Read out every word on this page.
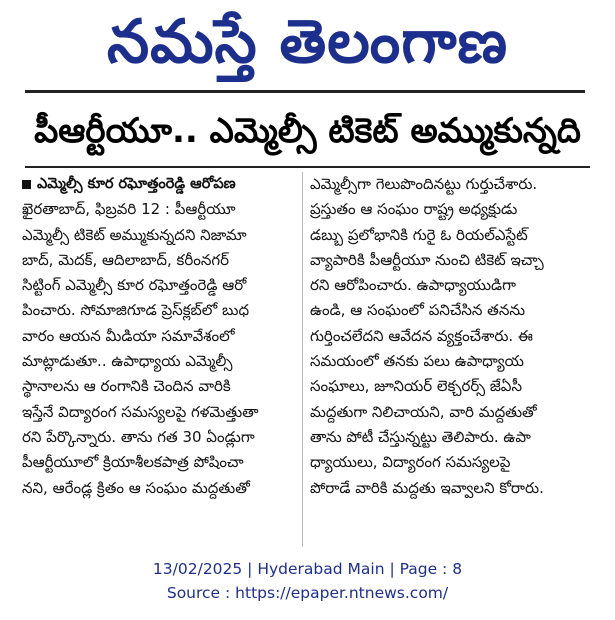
నమస్తే తెలంగాణ
పీఆర్టీయూ.. ఎమ్మెల్సీ టికెట్ అమ్ముకున్నది
ఎమ్మెల్సీ కూర రఘోత్తంరెడ్డి ఆరోపణ
ఖైరతాబాద్, ఫిబ్రవరి 12 : పీఆర్టీయూ
ఎమ్మెల్సీ టికెట్ అమ్ముకున్నదని నిజామా
బాద్, మెదక్, ఆదిలాబాద్, కరీంనగర్
సిట్టింగ్ ఎమ్మెల్సీ కూర రఘోత్తంరెడ్డి ఆరో
పించారు. సోమాజిగూడ ప్రెస్‌క్లబ్‌లో బుధ
వారం ఆయన మీడియా సమావేశంలో
మాట్లాడుతూ.. ఉపాధ్యాయ ఎమ్మెల్సీ
స్థానాలను ఆ రంగానికి చెందిన వారికి
ఇస్తేనే విద్యారంగ సమస్యలపై గళమెత్తుతా
రని పేర్కొన్నారు. తాను గత 30 ఏండ్లుగా
పీఆర్టీయూలో క్రియాశీలకపాత్ర పోషించా
నని, ఆరేండ్ల క్రితం ఆ సంఘం మద్దతుతో
ఎమ్మెల్సీగా గెలుపొందినట్టు గుర్తుచేశారు.
ప్రస్తుతం ఆ సంఘం రాష్ట్ర అధ్యక్షుడు
డబ్బు ప్రలోభానికి గురై ఓ రియల్‌ఎస్టేట్
వ్యాపారికి పీఆర్టీయూ నుంచి టికెట్ ఇచ్చా
రని ఆరోపించారు. ఉపాధ్యాయుడిగా
ఉండి, ఆ సంఘంలో పనిచేసిన తనను
గుర్తించలేదని ఆవేదన వ్యక్తంచేశారు. ఈ
సమయంలో తనకు పలు ఉపాధ్యాయ
సంఘాలు, జూనియర్ లెక్చరర్స్ జేఏసీ
మద్దతుగా నిలిచాయని, వారి మద్దతుతో
తాను పోటీ చేస్తున్నట్టు తెలిపారు. ఉపా
ధ్యాయులు, విద్యారంగ సమస్యలపై
పోరాడే వారికి మద్దతు ఇవ్వాలని కోరారు.
13/02/2025 | Hyderabad Main | Page : 8
Source : https://epaper.ntnews.com/
